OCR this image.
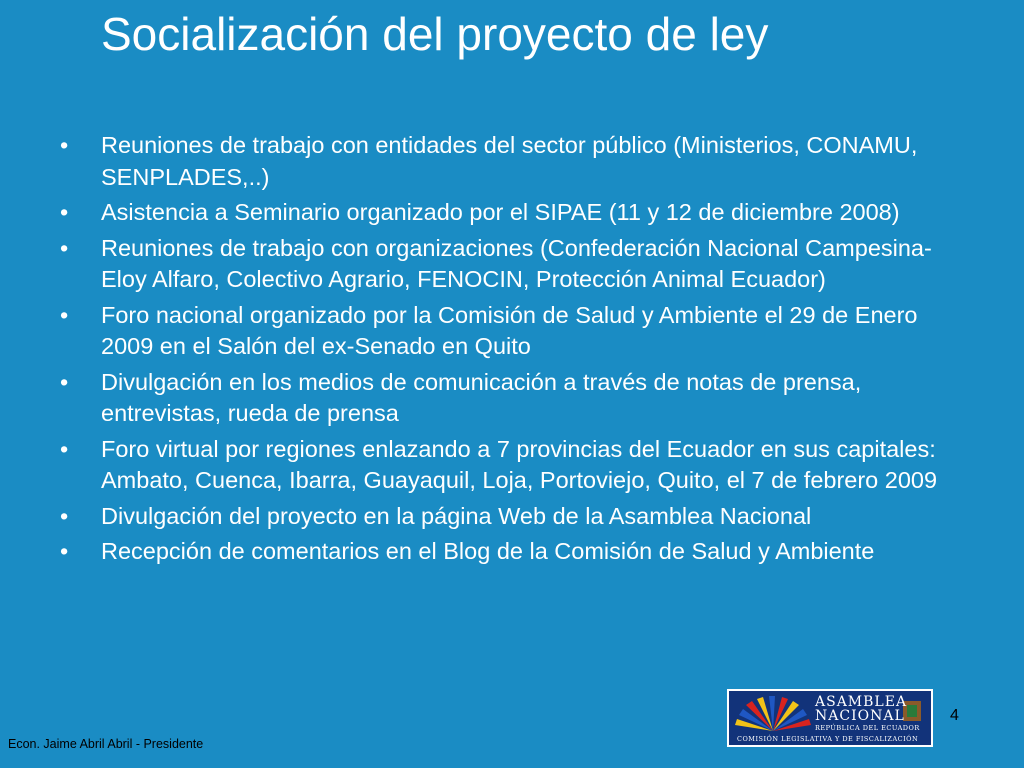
Socialización del proyecto de ley
• Reuniones de trabajo con entidades del sector público (Ministerios, CONAMU, SENPLADES,..)
• Asistencia a Seminario organizado por el SIPAE (11 y 12 de diciembre 2008)
• Reuniones de trabajo con organizaciones (Confederación Nacional Campesina-Eloy Alfaro, Colectivo Agrario, FENOCIN, Protección Animal Ecuador)
• Foro nacional organizado por la Comisión de Salud y Ambiente el 29 de Enero 2009 en el Salón del ex-Senado en Quito
• Divulgación en los medios de comunicación a través de notas de prensa, entrevistas, rueda de prensa
• Foro virtual por regiones enlazando a 7 provincias del Ecuador en sus capitales: Ambato, Cuenca, Ibarra, Guayaquil, Loja, Portoviejo, Quito, el 7 de febrero 2009
• Divulgación del proyecto en la página Web de la Asamblea Nacional
• Recepción de comentarios en el Blog de la Comisión de Salud y Ambiente
ASAMBLEA
NACIONAL
REPÚBLICA DEL ECUADOR
COMISIÓN LEGISLATIVA Y DE FISCALIZACIÓN
4
Econ. Jaime Abril Abril - Presidente
